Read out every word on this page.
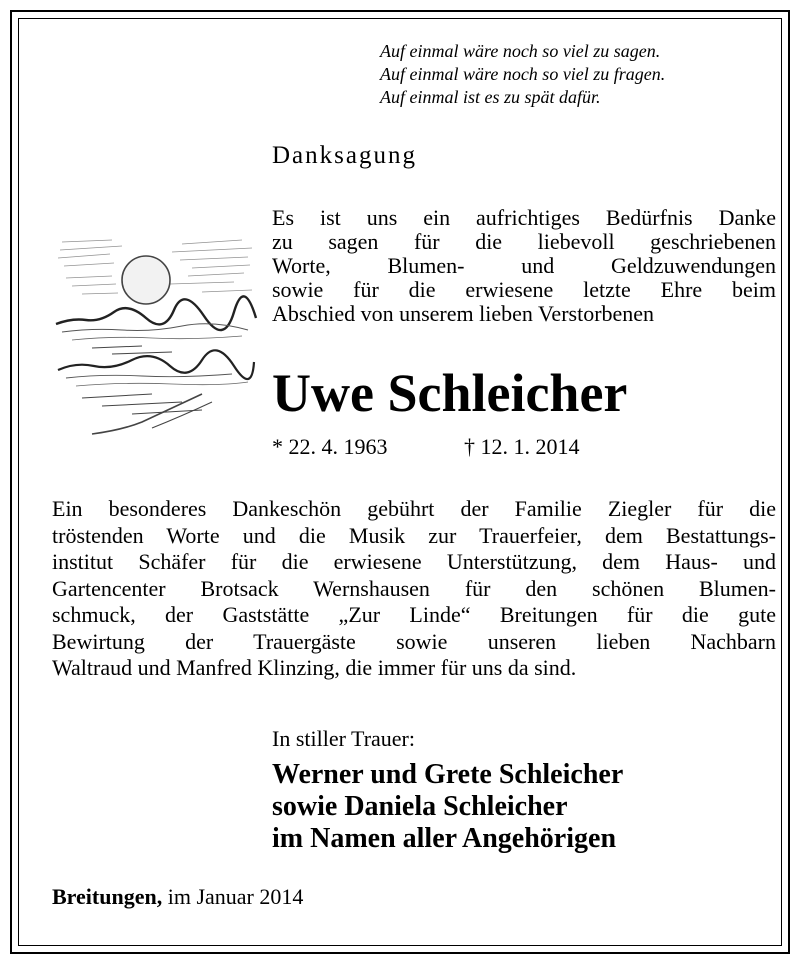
Auf einmal wäre noch so viel zu sagen.
Auf einmal wäre noch so viel zu fragen.
Auf einmal ist es zu spät dafür.
Danksagung
Es ist uns ein aufrichtiges Bedürfnis Danke
zu sagen für die liebevoll geschriebenen
Worte, Blumen- und Geldzuwendungen
sowie für die erwiesene letzte Ehre beim
Abschied von unserem lieben Verstorbenen
Uwe Schleicher
* 22. 4. 1963	† 12. 1. 2014
Ein besonderes Dankeschön gebührt der Familie Ziegler für die
tröstenden Worte und die Musik zur Trauerfeier, dem Bestattungs-
institut Schäfer für die erwiesene Unterstützung, dem Haus- und
Gartencenter Brotsack Wernshausen für den schönen Blumen-
schmuck, der Gaststätte „Zur Linde“ Breitungen für die gute
Bewirtung der Trauergäste sowie unseren lieben Nachbarn
Waltraud und Manfred Klinzing, die immer für uns da sind.
In stiller Trauer:
Werner und Grete Schleicher
sowie Daniela Schleicher
im Namen aller Angehörigen
Breitungen, im Januar 2014
